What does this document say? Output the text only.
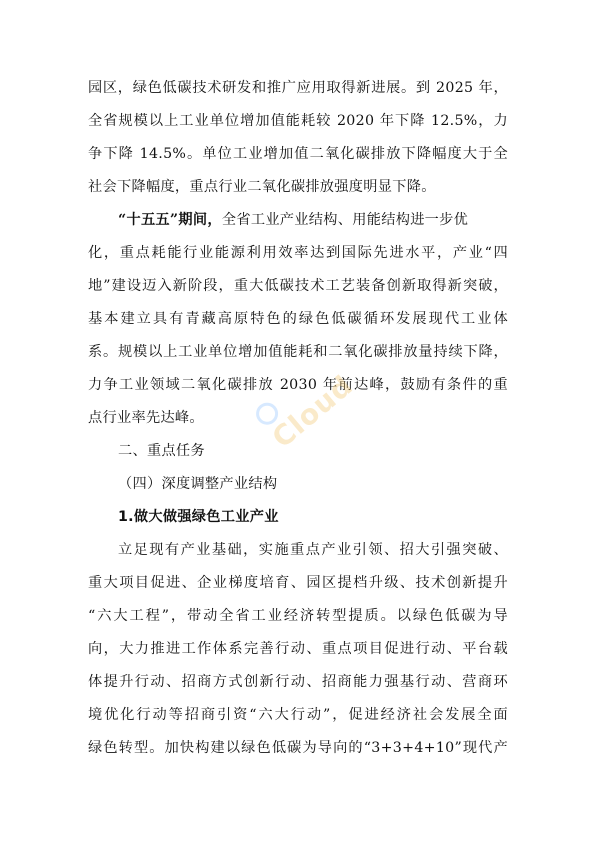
园区，绿色低碳技术研发和推广应用取得新进展。到 2025 年，
全省规模以上工业单位增加值能耗较 2020 年下降 12.5%，力
争下降 14.5%。单位工业增加值二氧化碳排放下降幅度大于全
社会下降幅度，重点行业二氧化碳排放强度明显下降。
“十五五”期间，全省工业产业结构、用能结构进一步优
化，重点耗能行业能源利用效率达到国际先进水平，产业“四
地”建设迈入新阶段，重大低碳技术工艺装备创新取得新突破，
基本建立具有青藏高原特色的绿色低碳循环发展现代工业体
系。规模以上工业单位增加值能耗和二氧化碳排放量持续下降，
力争工业领域二氧化碳排放 2030 年前达峰，鼓励有条件的重
点行业率先达峰。
二、重点任务
（四）深度调整产业结构
1.做大做强绿色工业产业
立足现有产业基础，实施重点产业引领、招大引强突破、
重大项目促进、企业梯度培育、园区提档升级、技术创新提升
“六大工程”，带动全省工业经济转型提质。以绿色低碳为导
向，大力推进工作体系完善行动、重点项目促进行动、平台载
体提升行动、招商方式创新行动、招商能力强基行动、营商环
境优化行动等招商引资“六大行动”，促进经济社会发展全面
绿色转型。加快构建以绿色低碳为导向的“3+3+4+10”现代产
Cloud
